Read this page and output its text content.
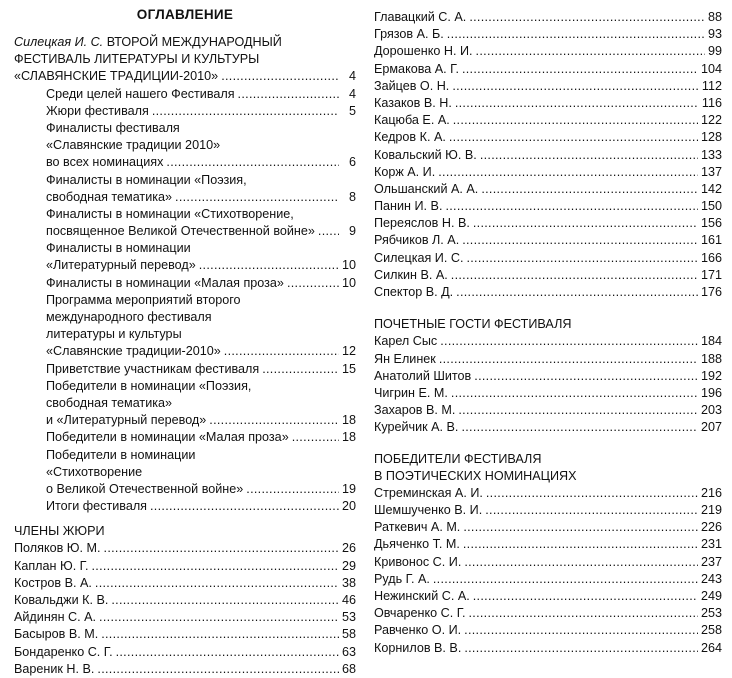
ОГЛАВЛЕНИЕ
Силецкая И. С. ВТОРОЙ МЕЖДУНАРОДНЫЙ
ФЕСТИВАЛЬ ЛИТЕРАТУРЫ И КУЛЬТУРЫ
«СЛАВЯНСКИЕ ТРАДИЦИИ-2010» . . .	4
Среди целей нашего Фестиваля . . .	4
Жюри фестиваля . . .	5
Финалисты фестиваля
«Славянские традиции 2010»
во всех номинациях . . .	6
Финалисты в номинации «Поэзия,
свободная тематика» . . .	8
Финалисты в номинации «Стихотворение,
посвященное Великой Отечественной войне» . . .	9
Финалисты в номинации
«Литературный перевод» . . .	10
Финалисты в номинации «Малая проза» . . .	10
Программа мероприятий второго
международного фестиваля
литературы и культуры
«Славянские традиции-2010» . . .	12
Приветствие участникам фестиваля . . .	15
Победители в номинации «Поэзия,
свободная тематика»
и «Литературный перевод» . . .	18
Победители в номинации «Малая проза» . . .	18
Победители в номинации
«Стихотворение
о Великой Отечественной войне» . . .	19
Итоги фестиваля . . .	20
ЧЛЕНЫ ЖЮРИ
Поляков Ю. М. . . .	26
Каплан Ю. Г. . . .	29
Костров В. А. . . .	38
Ковальджи К. В. . . .	46
Айдинян С. А. . . .	53
Басыров В. М. . . .	58
Бондаренко С. Г. . . .	63
Вареник Н. В. . . .	68
Главацкий С. А. . . .	88
Грязов А. Б. . . .	93
Дорошенко Н. И. . . .	99
Ермакова А. Г. . . .	104
Зайцев О. Н. . . .	112
Казаков В. Н. . . .	116
Кацюба Е. А. . . .	122
Кедров К. А. . . .	128
Ковальский Ю. В. . . .	133
Корж А. И. . . .	137
Ольшанский А. А. . . .	142
Панин И. В. . . .	150
Переяслов Н. В. . . .	156
Рябчиков Л. А. . . .	161
Силецкая И. С. . . .	166
Силкин В. А. . . .	171
Спектор В. Д. . . .	176
ПОЧЕТНЫЕ ГОСТИ ФЕСТИВАЛЯ
Карел Сыс . . .	184
Ян Елинек . . .	188
Анатолий Шитов . . .	192
Чигрин Е. М. . . .	196
Захаров В. М. . . .	203
Курейчик А. В. . . .	207
ПОБЕДИТЕЛИ ФЕСТИВАЛЯ
В ПОЭТИЧЕСКИХ НОМИНАЦИЯХ
Стреминская А. И. . . .	216
Шемшученко В. И. . . .	219
Раткевич А. М. . . .	226
Дьяченко Т. М. . . .	231
Кривонос С. И. . . .	237
Рудь Г. А. . . .	243
Нежинский С. А. . . .	249
Овчаренко С. Г. . . .	253
Равченко О. И. . . .	258
Корнилов В. В. . . .	264
